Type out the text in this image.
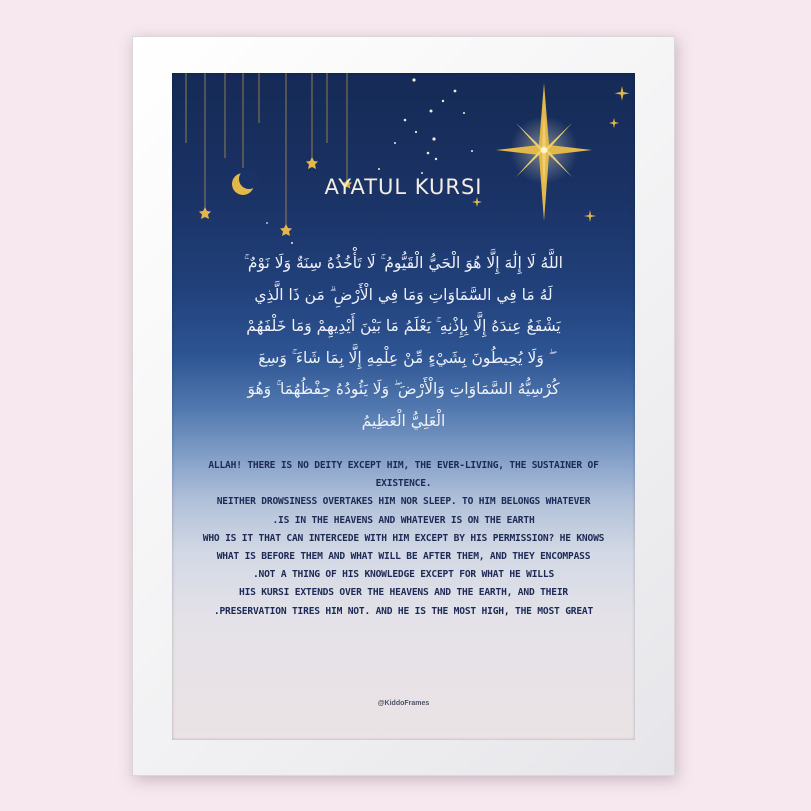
AYATUL KURSI
اللَّهُ لَا إِلَٰهَ إِلَّا هُوَ الْحَيُّ الْقَيُّومُ ۚ لَا تَأْخُذُهُ سِنَةٌ وَلَا نَوْمٌ ۚ
لَهُ مَا فِي السَّمَاوَاتِ وَمَا فِي الْأَرْضِ ۗ مَن ذَا الَّذِي
يَشْفَعُ عِندَهُ إِلَّا بِإِذْنِهِ ۚ يَعْلَمُ مَا بَيْنَ أَيْدِيهِمْ وَمَا خَلْفَهُمْ
ۖ وَلَا يُحِيطُونَ بِشَيْءٍ مِّنْ عِلْمِهِ إِلَّا بِمَا شَاءَ ۚ وَسِعَ
كُرْسِيُّهُ السَّمَاوَاتِ وَالْأَرْضَ ۖ وَلَا يَئُودُهُ حِفْظُهُمَا ۚ وَهُوَ
الْعَلِيُّ الْعَظِيمُ
ALLAH! THERE IS NO DEITY EXCEPT HIM, THE EVER-LIVING, THE SUSTAINER OF
EXISTENCE.
NEITHER DROWSINESS OVERTAKES HIM NOR SLEEP. TO HIM BELONGS WHATEVER
.IS IN THE HEAVENS AND WHATEVER IS ON THE EARTH
WHO IS IT THAT CAN INTERCEDE WITH HIM EXCEPT BY HIS PERMISSION? HE KNOWS
WHAT IS BEFORE THEM AND WHAT WILL BE AFTER THEM, AND THEY ENCOMPASS
.NOT A THING OF HIS KNOWLEDGE EXCEPT FOR WHAT HE WILLS
HIS KURSI EXTENDS OVER THE HEAVENS AND THE EARTH, AND THEIR
.PRESERVATION TIRES HIM NOT. AND HE IS THE MOST HIGH, THE MOST GREAT
@KiddoFrames
